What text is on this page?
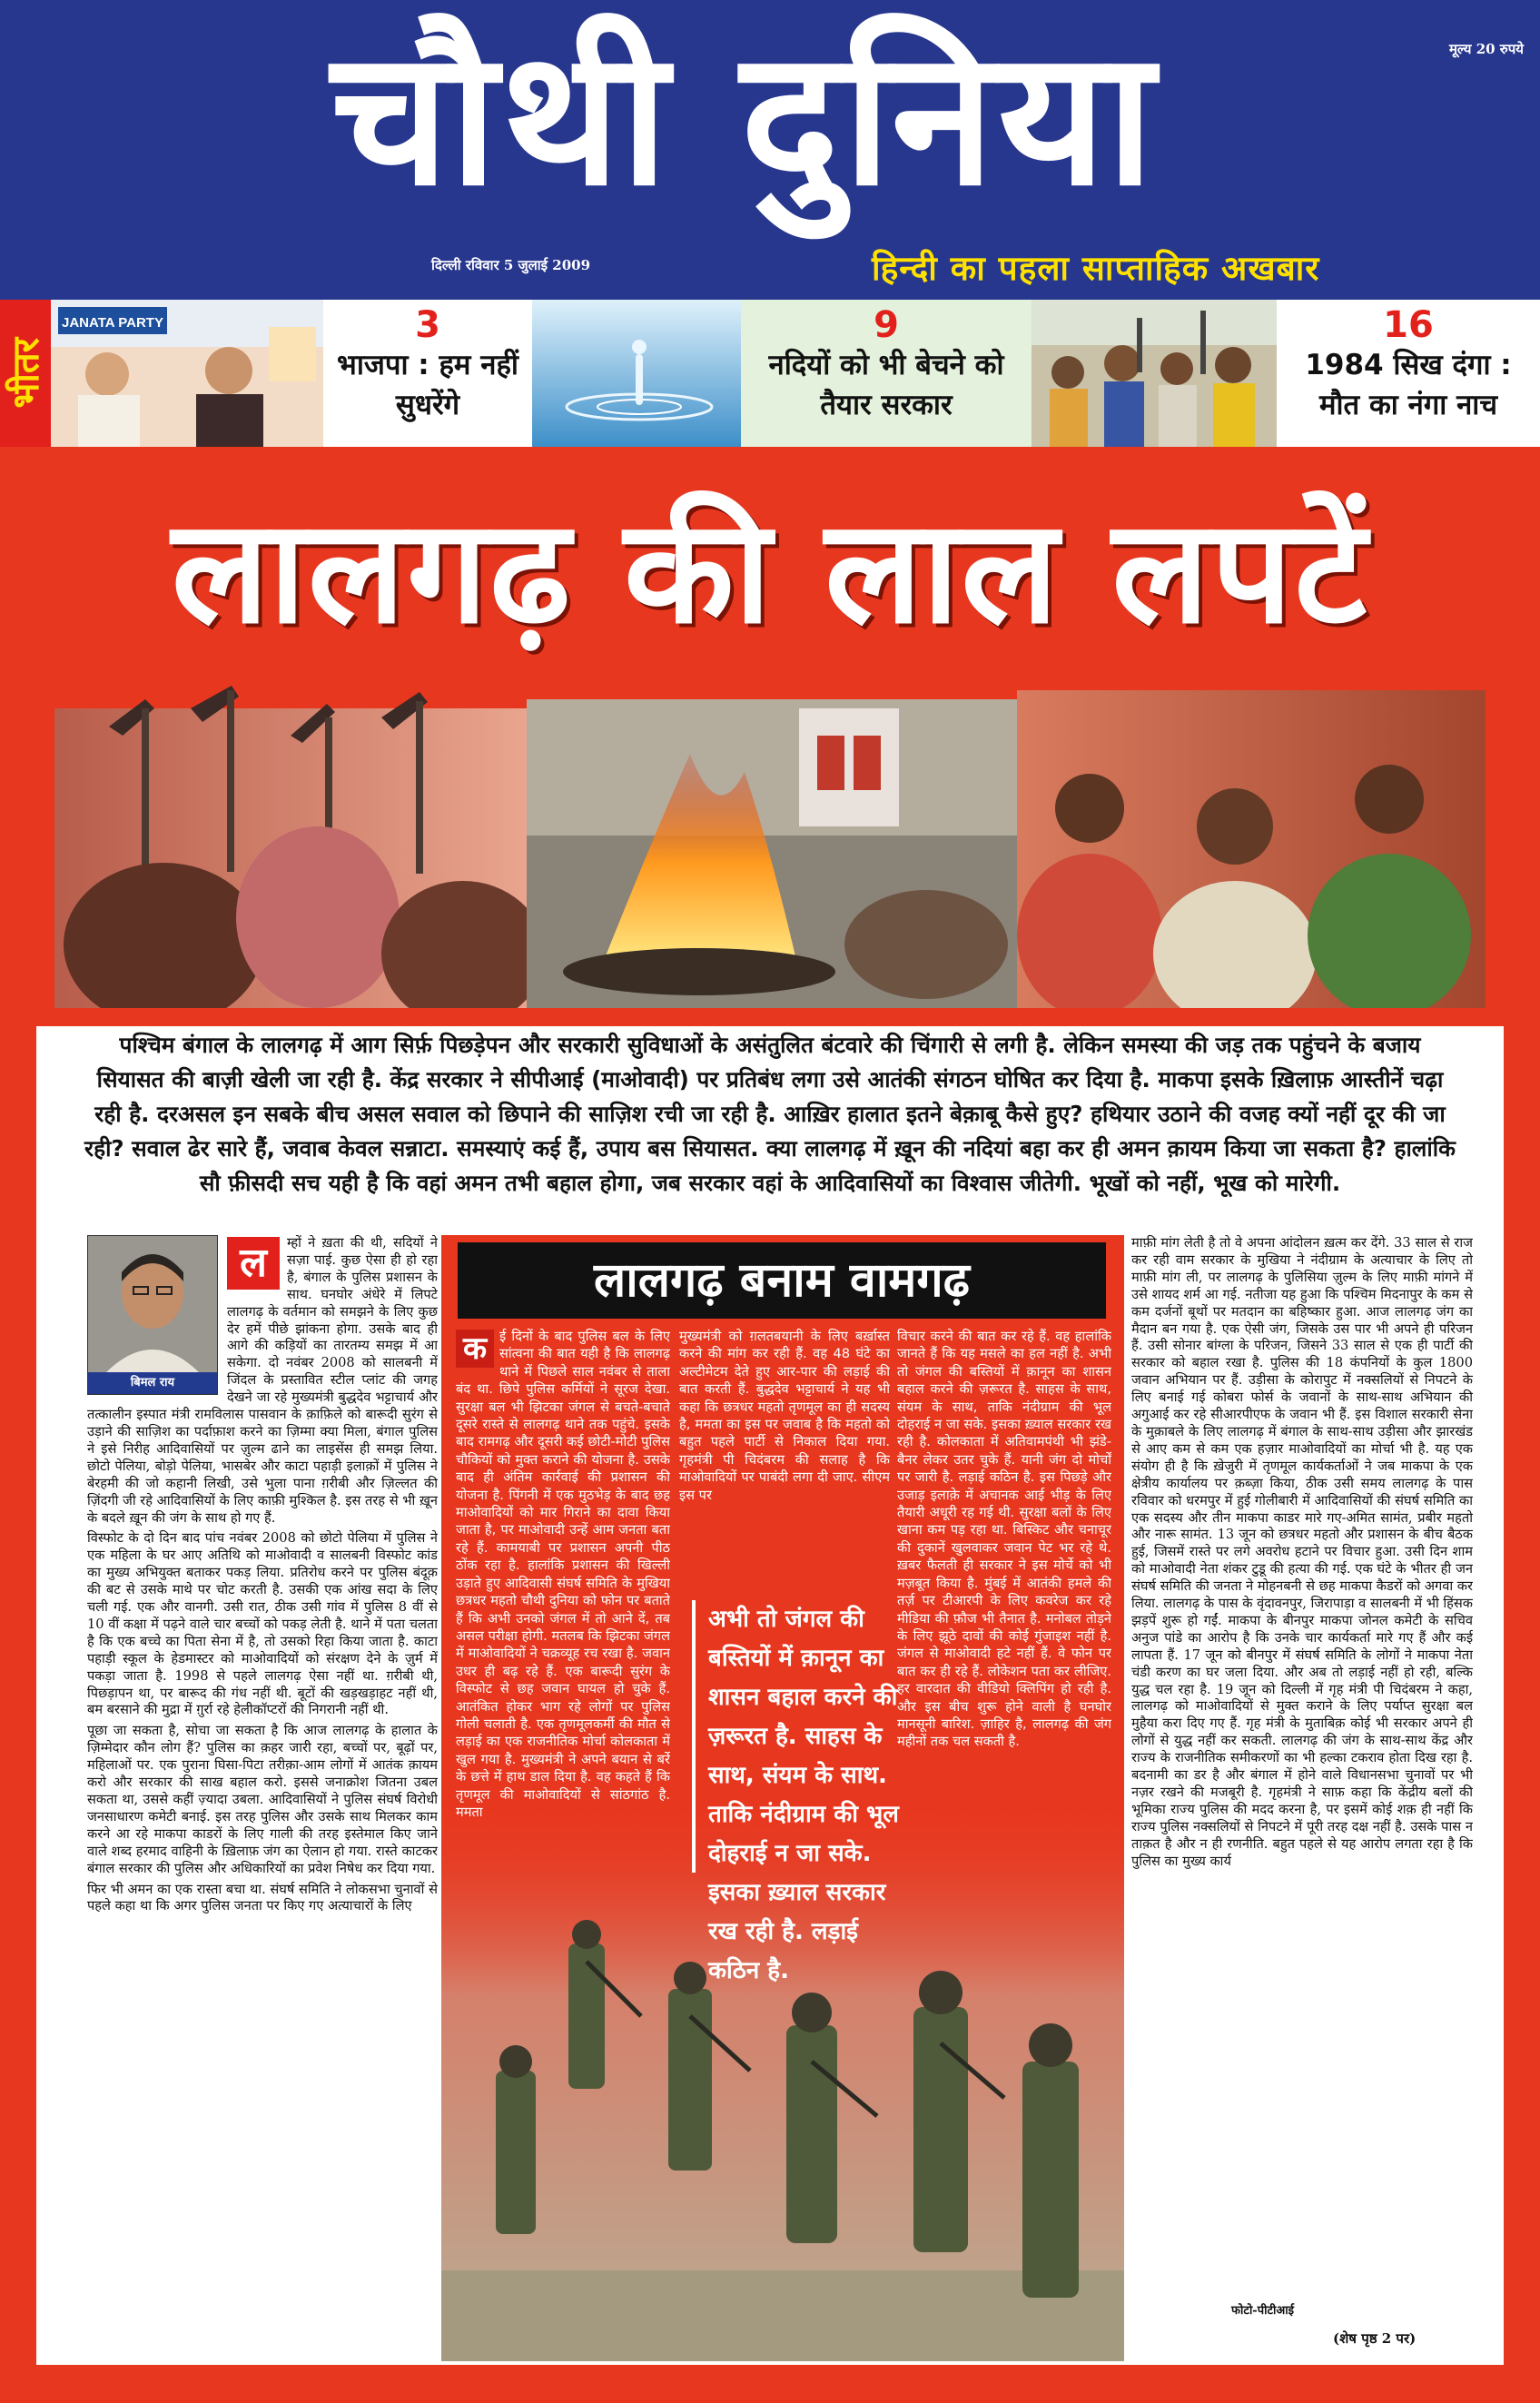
चौथी दुनिया	मूल्य 20 रुपये
दिल्ली रविवार 5 जुलाई 2009	हिन्दी का पहला साप्ताहिक अखबार
भीतर
JANATA PARTY	3
भाजपा : हम नहीं सुधरेंगे
9
नदियों को भी बेचने को तैयार सरकार
16
1984 सिख दंगा : मौत का नंगा नाच
लालगढ़ की लाल लपटें

पश्चिम बंगाल के लालगढ़ में आग सिर्फ़ पिछड़ेपन और सरकारी सुविधाओं के असंतुलित बंटवारे की चिंगारी से लगी है. लेकिन समस्या की जड़ तक पहुंचने के बजाय सियासत की बाज़ी खेली जा रही है. केंद्र सरकार ने सीपीआई (माओवादी) पर प्रतिबंध लगा उसे आतंकी संगठन घोषित कर दिया है. माकपा इसके ख़िलाफ़ आस्तीनें चढ़ा रही है. दरअसल इन सबके बीच असल सवाल को छिपाने की साज़िश रची जा रही है. आख़िर हालात इतने बेक़ाबू कैसे हुए? हथियार उठाने की वजह क्यों नहीं दूर की जा रही? सवाल ढेर सारे हैं, जवाब केवल सन्नाटा. समस्याएं कई हैं, उपाय बस सियासत. क्या लालगढ़ में ख़ून की नदियां बहा कर ही अमन क़ायम किया जा सकता है? हालांकि सौ फ़ीसदी सच यही है कि वहां अमन तभी बहाल होगा, जब सरकार वहां के आदिवासियों का विश्वास जीतेगी. भूखों को नहीं, भूख को मारेगी.

बिमल राय
ल	म्हों ने ख़ता की थी, सदियों ने सज़ा पाई. कुछ ऐसा ही हो रहा है, बंगाल के पुलिस प्रशासन के साथ. घनघोर अंधेरे में लिपटे लालगढ़ के वर्तमान को समझने के लिए कुछ देर हमें पीछे झांकना होगा. उसके बाद ही आगे की कड़ियों का तारतम्य समझ में आ सकेगा. दो नवंबर 2008 को सालबनी में जिंदल के प्रस्तावित स्टील प्लांट की जगह देखने जा रहे मुख्यमंत्री बुद्धदेव भट्टाचार्य और तत्कालीन इस्पात मंत्री रामविलास पासवान के क़ाफ़िले को बारूदी सुरंग से उड़ाने की साज़िश का पर्दाफ़ाश करने का ज़िम्मा क्या मिला, बंगाल पुलिस ने इसे निरीह आदिवासियों पर ज़ुल्म ढाने का लाइसेंस ही समझ लिया. छोटो पेलिया, बोड़ो पेलिया, भासबेर और काटा पहाड़ी इलाक़ों में पुलिस ने बेरहमी की जो कहानी लिखी, उसे भुला पाना ग़रीबी और ज़िल्लत की ज़िंदगी जी रहे आदिवासियों के लिए काफ़ी मुश्किल है. इस तरह से भी ख़ून के बदले ख़ून की जंग के साथ हो गए हैं.

विस्फोट के दो दिन बाद पांच नवंबर 2008 को छोटो पेलिया में पुलिस ने एक महिला के घर आए अतिथि को माओवादी व सालबनी विस्फोट कांड का मुख्य अभियुक्त बताकर पकड़ लिया. प्रतिरोध करने पर पुलिस बंदूक़ की बट से उसके माथे पर चोट करती है. उसकी एक आंख सदा के लिए चली गई. एक और वानगी. उसी रात, ठीक उसी गांव में पुलिस 8 वीं से 10 वीं कक्षा में पढ़ने वाले चार बच्चों को पकड़ लेती है. थाने में पता चलता है कि एक बच्चे का पिता सेना में है, तो उसको रिहा किया जाता है. काटा पहाड़ी स्कूल के हेडमास्टर को माओवादियों को संरक्षण देने के ज़ुर्म में पकड़ा जाता है. 1998 से पहले लालगढ़ ऐसा नहीं था. ग़रीबी थी, पिछड़ापन था, पर बारूद की गंध नहीं थी. बूटों की खड़खड़ाहट नहीं थी, बम बरसाने की मुद्रा में ग़ुर्रा रहे हेलीकॉप्टरों की निगरानी नहीं थी.

पूछा जा सकता है, सोचा जा सकता है कि आज लालगढ़ के हालात के ज़िम्मेदार कौन लोग हैं? पुलिस का क़हर जारी रहा, बच्चों पर, बूढ़ों पर, महिलाओं पर. एक पुराना घिसा-पिटा तरीक़ा-आम लोगों में आतंक क़ायम करो और सरकार की साख बहाल करो. इससे जनाक्रोश जितना उबल सकता था, उससे कहीं ज़्यादा उबला. आदिवासियों ने पुलिस संघर्ष विरोधी जनसाधारण कमेटी बनाई. इस तरह पुलिस और उसके साथ मिलकर काम करने आ रहे माकपा काडरों के लिए गाली की तरह इस्तेमाल किए जाने वाले शब्द हरमाद वाहिनी के ख़िलाफ़ जंग का ऐलान हो गया. रास्ते काटकर बंगाल सरकार की पुलिस और अधिकारियों का प्रवेश निषेध कर दिया गया.

फिर भी अमन का एक रास्ता बचा था. संघर्ष समिति ने लोकसभा चुनावों से पहले कहा था कि अगर पुलिस जनता पर किए गए अत्याचारों के लिए

लालगढ़ बनाम वामगढ़
क ई दिनों के बाद पुलिस बल के लिए सांत्वना की बात यही है कि लालगढ़ थाने में पिछले साल नवंबर से ताला बंद था. छिपे पुलिस कर्मियों ने सूरज देखा. सुरक्षा बल भी झिटका जंगल से बचते-बचाते दूसरे रास्ते से लालगढ़ थाने तक पहुंचे. इसके बाद रामगढ़ और दूसरी कई छोटी-मोटी पुलिस चौकियों को मुक्त कराने की योजना है. उसके बाद ही अंतिम कार्रवाई की प्रशासन की योजना है. पिंगनी में एक मुठभेड़ के बाद छह माओवादियों को मार गिराने का दावा किया जाता है, पर माओवादी उन्हें आम जनता बता रहे हैं. कामयाबी पर प्रशासन अपनी पीठ ठोंक रहा है. हालांकि प्रशासन की खिल्ली उड़ाते हुए आदिवासी संघर्ष समिति के मुखिया छत्रधर महतो चौथी दुनिया को फोन पर बताते हैं कि अभी उनको जंगल में तो आने दें, तब असल परीक्षा होगी. मतलब कि झिटका जंगल में माओवादियों ने चक्रव्यूह रच रखा है. जवान उधर ही बढ़ रहे हैं. एक बारूदी सुरंग के विस्फोट से छह जवान घायल हो चुके हैं. आतंकित होकर भाग रहे लोगों पर पुलिस गोली चलाती है. एक तृणमूलकर्मी की मौत से लड़ाई का एक राजनीतिक मोर्चा कोलकाता में खुल गया है. मुख्यमंत्री ने अपने बयान से बर्रे के छत्ते में हाथ डाल दिया है. वह कहते हैं कि तृणमूल की माओवादियों से सांठगांठ है. ममता
मुख्यमंत्री को ग़लतबयानी के लिए बर्ख़ास्त करने की मांग कर रही हैं. वह 48 घंटे का अल्टीमेटम देते हुए आर-पार की लड़ाई की बात करती हैं. बुद्धदेव भट्टाचार्य ने यह भी कहा कि छत्रधर महतो तृणमूल का ही सदस्य है, ममता का इस पर जवाब है कि महतो को बहुत पहले पार्टी से निकाल दिया गया. गृहमंत्री पी चिदंबरम की सलाह है कि माओवादियों पर पाबंदी लगा दी जाए. सीएम इस पर
अभी तो जंगल की बस्तियों में क़ानून का शासन बहाल करने की ज़रूरत है. साहस के साथ, संयम के साथ. ताकि नंदीग्राम की भूल दोहराई न जा सके. इसका ख़्याल सरकार रख रही है. लड़ाई कठिन है.
विचार करने की बात कर रहे हैं. वह हालांकि जानते हैं कि यह मसले का हल नहीं है. अभी तो जंगल की बस्तियों में क़ानून का शासन बहाल करने की ज़रूरत है. साहस के साथ, संयम के साथ, ताकि नंदीग्राम की भूल दोहराई न जा सके. इसका ख़्याल सरकार रख रही है. कोलकाता में अतिवामपंथी भी झंडे-बैनर लेकर उतर चुके हैं. यानी जंग दो मोर्चों पर जारी है. लड़ाई कठिन है. इस पिछड़े और उजाड़ इलाक़े में अचानक आई भीड़ के लिए तैयारी अधूरी रह गई थी. सुरक्षा बलों के लिए खाना कम पड़ रहा था. बिस्किट और चनाचूर की दुकानें खुलवाकर जवान पेट भर रहे थे. ख़बर फैलती ही सरकार ने इस मोर्चे को भी मज़बूत किया है. मुंबई में आतंकी हमले की तर्ज़ पर टीआरपी के लिए कवरेज कर रहे मीडिया की फ़ौज भी तैनात है. मनोबल तोड़ने के लिए झूठे दावों की कोई गुंजाइश नहीं है. जंगल से माओवादी हटे नहीं हैं. वे फोन पर बात कर ही रहे हैं. लोकेशन पता कर लीजिए. हर वारदात की वीडियो क्लिपिंग हो रही है. और इस बीच शुरू होने वाली है घनघोर मानसूनी बारिश. ज़ाहिर है, लालगढ़ की जंग महीनों तक चल सकती है.

माफ़ी मांग लेती है तो वे अपना आंदोलन ख़त्म कर देंगे. 33 साल से राज कर रही वाम सरकार के मुखिया ने नंदीग्राम के अत्याचार के लिए तो माफ़ी मांग ली, पर लालगढ़ के पुलिसिया ज़ुल्म के लिए माफ़ी मांगने में उसे शायद शर्म आ गई. नतीजा यह हुआ कि पश्चिम मिदनापुर के कम से कम दर्जनों बूथों पर मतदान का बहिष्कार हुआ. आज लालगढ़ जंग का मैदान बन गया है. एक ऐसी जंग, जिसके उस पार भी अपने ही परिजन हैं. उसी सोनार बांग्ला के परिजन, जिसने 33 साल से एक ही पार्टी की सरकार को बहाल रखा है. पुलिस की 18 कंपनियों के कुल 1800 जवान अभियान पर हैं. उड़ीसा के कोरापुट में नक्सलियों से निपटने के लिए बनाई गई कोबरा फोर्स के जवानों के साथ-साथ अभियान की अगुआई कर रहे सीआरपीएफ के जवान भी हैं. इस विशाल सरकारी सेना के मुक़ाबले के लिए लालगढ़ में बंगाल के साथ-साथ उड़ीसा और झारखंड से आए कम से कम एक हज़ार माओवादियों का मोर्चा भी है. यह एक संयोग ही है कि ख़ेजुरी में तृणमूल कार्यकर्ताओं ने जब माकपा के एक क्षेत्रीय कार्यालय पर क़ब्ज़ा किया, ठीक उसी समय लालगढ़ के पास रविवार को धरमपुर में हुई गोलीबारी में आदिवासियों की संघर्ष समिति का एक सदस्य और तीन माकपा काडर मारे गए-अमित सामंत, प्रबीर महतो और नारू सामंत. 13 जून को छत्रधर महतो और प्रशासन के बीच बैठक हुई, जिसमें रास्ते पर लगे अवरोध हटाने पर विचार हुआ. उसी दिन शाम को माओवादी नेता शंकर टुडू की हत्या की गई. एक घंटे के भीतर ही जन संघर्ष समिति की जनता ने मोहनबनी से छह माकपा कैडरों को अगवा कर लिया. लालगढ़ के पास के वृंदावनपुर, जिरापाड़ा व सालबनी में भी हिंसक झड़पें शुरू हो गईं. माकपा के बीनपुर माकपा जोनल कमेटी के सचिव अनुज पांडे का आरोप है कि उनके चार कार्यकर्ता मारे गए हैं और कई लापता हैं. 17 जून को बीनपुर में संघर्ष समिति के लोगों ने माकपा नेता चंडी करण का घर जला दिया. और अब तो लड़ाई नहीं हो रही, बल्कि युद्ध चल रहा है. 19 जून को दिल्ली में गृह मंत्री पी चिदंबरम ने कहा, लालगढ़ को माओवादियों से मुक्त कराने के लिए पर्याप्त सुरक्षा बल मुहैया करा दिए गए हैं. गृह मंत्री के मुताबिक़ कोई भी सरकार अपने ही लोगों से युद्ध नहीं कर सकती. लालगढ़ की जंग के साथ-साथ केंद्र और राज्य के राजनीतिक समीकरणों का भी हल्का टकराव होता दिख रहा है. बदनामी का डर है और बंगाल में होने वाले विधानसभा चुनावों पर भी नज़र रखने की मजबूरी है. गृहमंत्री ने साफ़ कहा कि केंद्रीय बलों की भूमिका राज्य पुलिस की मदद करना है, पर इसमें कोई शक़ ही नहीं कि राज्य पुलिस नक्सलियों से निपटने में पूरी तरह दक्ष नहीं है. उसके पास न ताक़त है और न ही रणनीति. बहुत पहले से यह आरोप लगता रहा है कि पुलिस का मुख्य कार्य

फोटो-पीटीआई
(शेष पृष्ठ 2 पर)
